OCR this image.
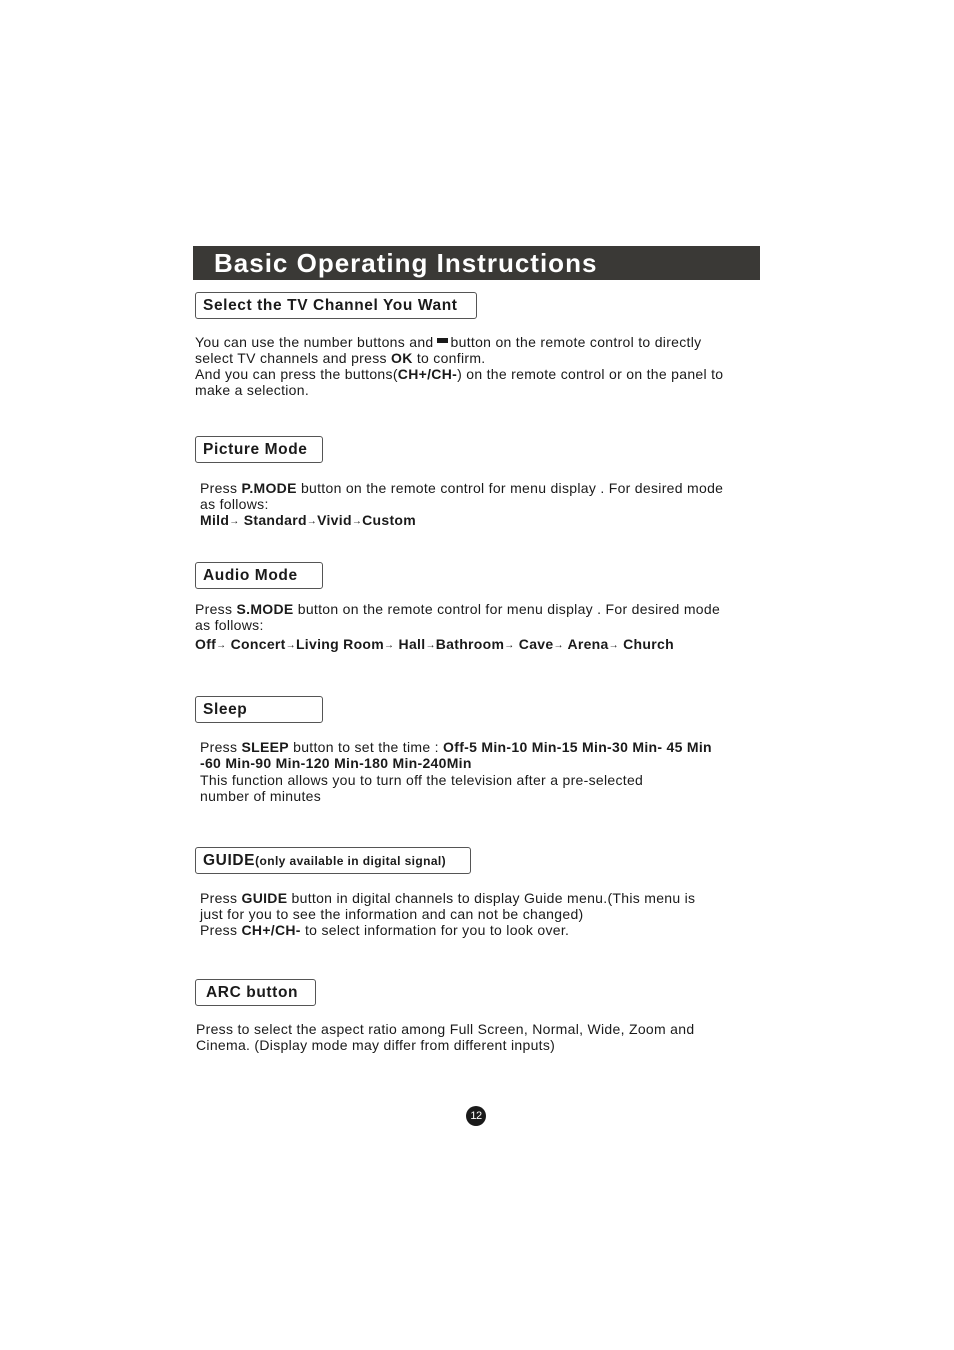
Basic Operating Instructions
Select the TV Channel You Want
You can use the number buttons and button on the remote control to directly
select TV channels and press OK to confirm.
And you can press the buttons(CH+/CH-) on the remote control or on the panel to
make a selection.
Picture Mode
Press P.MODE button on the remote control for menu display . For desired mode
as follows:
Mild→ Standard→Vivid→Custom
Audio Mode
Press S.MODE button on the remote control for menu display . For desired mode
as follows:
Off→ Concert→Living Room→ Hall→Bathroom→ Cave→ Arena→ Church
Sleep
Press SLEEP button to set the time : Off-5 Min-10 Min-15 Min-30 Min- 45 Min
-60 Min-90 Min-120 Min-180 Min-240Min
This function allows you to turn off the television after a pre-selected
number of minutes
GUIDE(only available in digital signal)
Press GUIDE button in digital channels to display Guide menu.(This menu is
just for you to see the information and can not be changed)
Press CH+/CH- to select information for you to look over.
ARC button
Press to select the aspect ratio among Full Screen, Normal, Wide, Zoom and
Cinema. (Display mode may differ from different inputs)
12
